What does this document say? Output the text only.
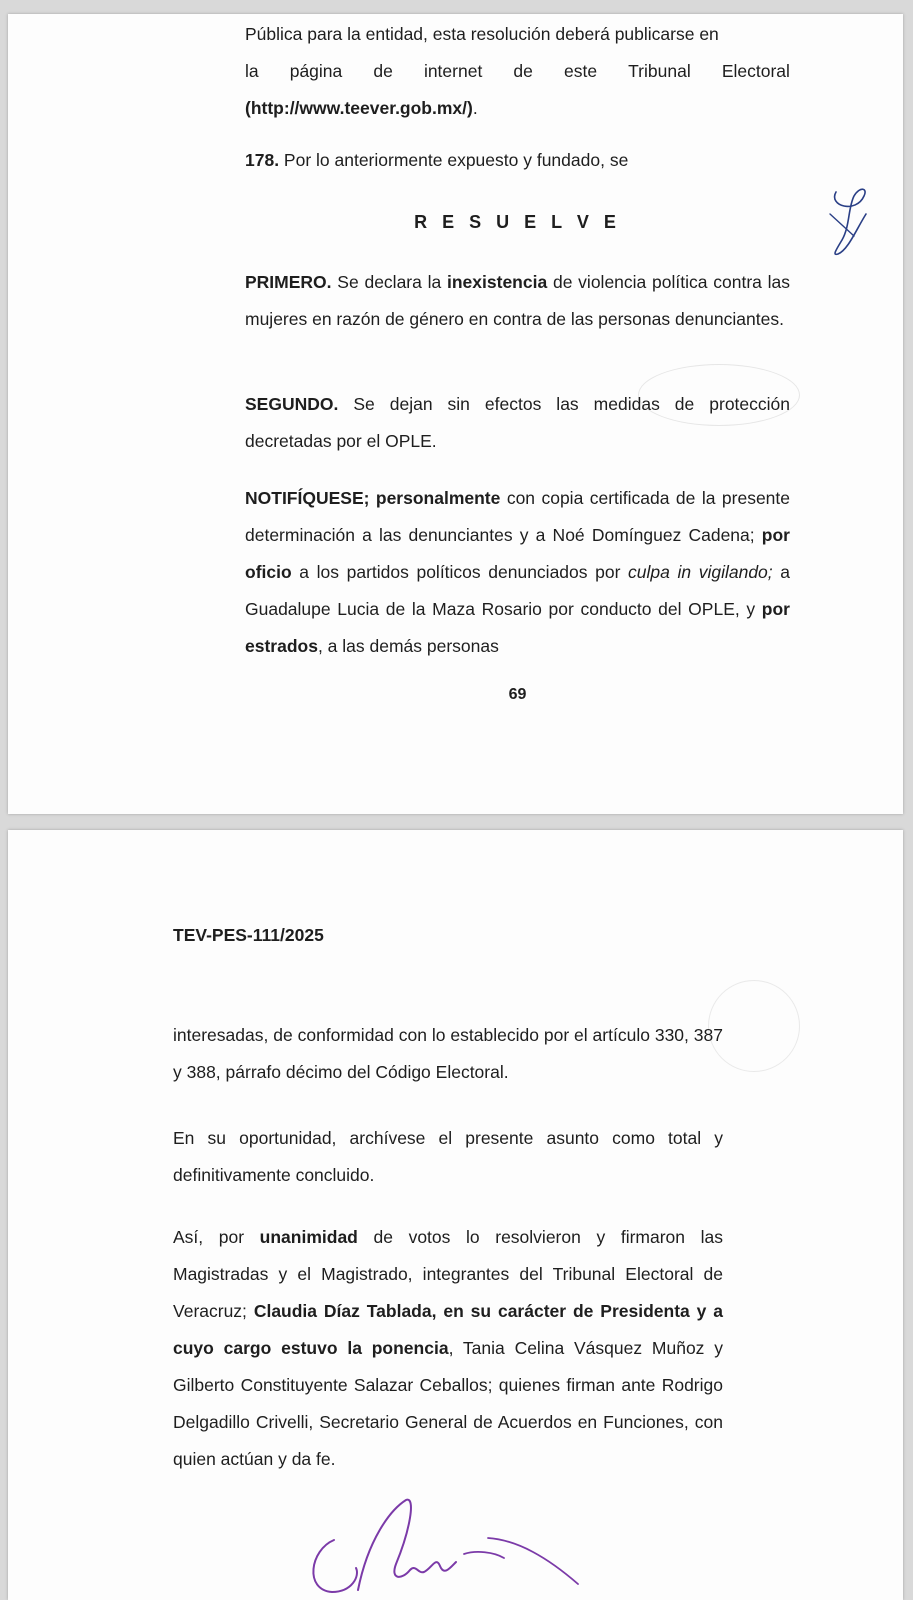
Pública para la entidad, esta resolución deberá publicarse en

la página de internet de este Tribunal Electoral
(http://www.teever.gob.mx/).

178. Por lo anteriormente expuesto y fundado, se

R E S U E L V E

PRIMERO. Se declara la inexistencia de violencia política contra las mujeres en razón de género en contra de las personas denunciantes.

SEGUNDO. Se dejan sin efectos las medidas de protección decretadas por el OPLE.

NOTIFÍQUESE; personalmente con copia certificada de la presente determinación a las denunciantes y a Noé Domínguez Cadena; por oficio a los partidos políticos denunciados por culpa in vigilando; a Guadalupe Lucia de la Maza Rosario por conducto del OPLE, y por estrados, a las demás personas

69
TEV-PES-111/2025

interesadas, de conformidad con lo establecido por el artículo 330, 387 y 388, párrafo décimo del Código Electoral.

En su oportunidad, archívese el presente asunto como total y definitivamente concluido.

Así, por unanimidad de votos lo resolvieron y firmaron las Magistradas y el Magistrado, integrantes del Tribunal Electoral de Veracruz; Claudia Díaz Tablada, en su carácter de Presidenta y a cuyo cargo estuvo la ponencia, Tania Celina Vásquez Muñoz y Gilberto Constituyente Salazar Ceballos; quienes firman ante Rodrigo Delgadillo Crivelli, Secretario General de Acuerdos en Funciones, con quien actúan y da fe.
